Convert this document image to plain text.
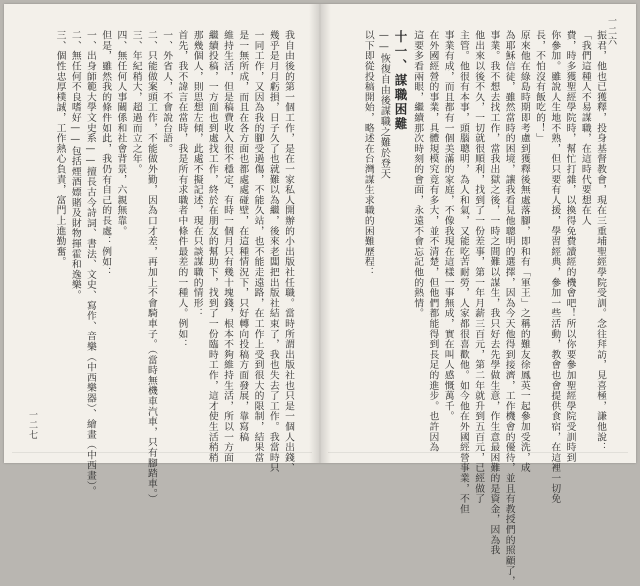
我自由後的第一個工作，是在一家私人開辦的小出版社任職。當時所謂出版社也只是一個人出錢、
幾乎是月月虧損，日子久了也就難以為繼，後來老闆把出版社結束了，我也失去了工作。我當時只
一同工作，又因為我的腳受過傷，不能久站，也不能走遠路，在工作上受到很大的限制，結果當
是一無所成，而且在各方面也都處處碰壁，在這種情況下，只好轉向投稿方面發展，靠寫稿
維持生活，但是稿費收入很不穩定，有時一個月只有幾十塊錢，根本不夠維持生活，所以一方面
繼續投稿，一方面也到處找工作，終於在朋友的幫助下，找到了一份臨時工作，這才使生活稍稍
那幾個人，則思想左傾，此處不擬記述，現在只談謀職的情形：
首先，我不諱言在當時，我是所有求職者中條件最差的一種人。例如：
一、外省人，不會說台語。
二、只能做案頭工作，不能做外勤，因為口才差，再加上不會騎車子。（當時無機車汽車，只有腳踏車。）
三、年紀稍大，超過而立之年。
四、無任何人事關係和社會背景，六親無靠。
但是，雖然我的條件如此，我仍有自己的長處：例如：
一、出身師範大學文史系——擅長古今詩詞、書法、文史、寫作、音樂（中西樂器）、繪畫（中西畫）。
二、無任何不良嗜好——包括煙酒嫖賭及財物揮霍和逸樂。
三、個性忠厚樸誠，工作熱心負責，富門上進勤奮。
一二七	振君，他也已獲釋，投身基督教會，現在三重埔聖經學院受訓。念往拜訪，見喜極，謙他說：
「我們這種人不易謀職，在這時代要想在人
費，時多獲聖經學院時，幫忙打雜，以換得免費讀經的機會吧！所以你要參加聖經學院受訓時到
你參加。雖說人生地不熟，但只要有人援，學習經典，參加一些活動，教會也會提供食宿，在這裡一切免
長，不怕沒有飯吃的！」
原來他在綠島時期即考慮到獲釋後無處落腳，即和有「軍王」之稱的難友徐鳳英一起參加受洗，成
為耶穌信徒，雖然當時的困境，讓我看見他聰明的選擇，因為今天他得到接濟，工作機會的優待，並且有教授們的照顧了，
事業。我不想去找工作，當我出獄之後，一時之間難以謀生，我只好去先學做生意，作生意最困難的是資金，因為我
他出來以後不久，一切就很順利，找到了一份差事，第一年月薪三百元，第二年就升到五百元，已經做了
主管。他很有本事，頭腦聰明，為人和氣，又能吃苦耐勞，人家都很喜歡他。如今他在外國經營事業，不但
事業有成，而且都有一個美滿的家庭，不像我現在這樣一事無成，實在叫人感慨萬千。
在外國經營的事業，具體規模究竟有多大，並不清楚，但他們都能得到長足的進步。也許因為
這要多看兩眼，繼續那次時刻的會面，永遠不會忘記他的熱情。
十一、謀職困難
——恢復自由後謀職之難於登天
以下即從投稿開始，略述在台灣謀生求職的困難歷程：	一二六
